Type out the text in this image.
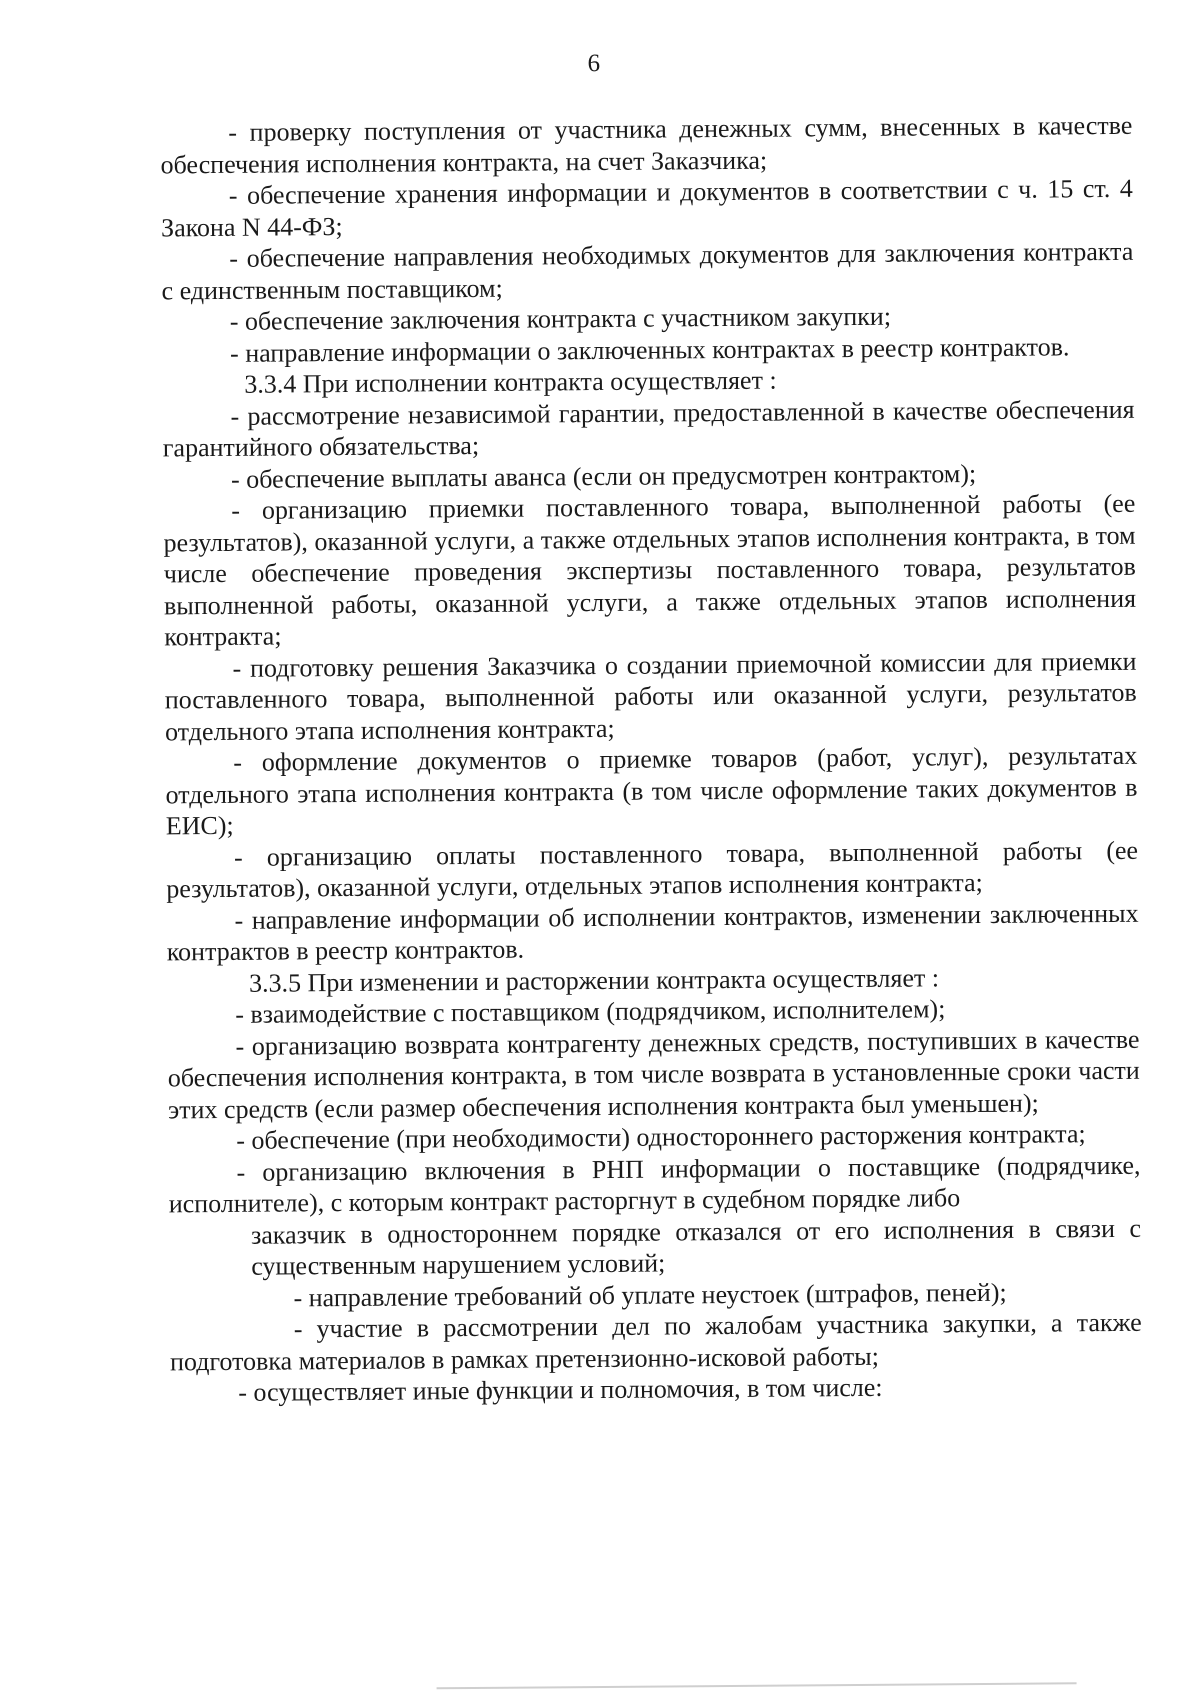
6

- проверку поступления от участника денежных сумм, внесенных в качестве обеспечения исполнения контракта, на счет Заказчика;

- обеспечение хранения информации и документов в соответствии с ч. 15 ст. 4 Закона N 44-ФЗ;

- обеспечение направления необходимых документов для заключения контракта с единственным поставщиком;

- обеспечение заключения контракта с участником закупки;

- направление информации о заключенных контрактах в реестр контрактов.

3.3.4 При исполнении контракта осуществляет :

- рассмотрение независимой гарантии, предоставленной в качестве обеспечения гарантийного обязательства;

- обеспечение выплаты аванса (если он предусмотрен контрактом);

- организацию приемки поставленного товара, выполненной работы (ее результатов), оказанной услуги, а также отдельных этапов исполнения контракта, в том числе обеспечение проведения экспертизы поставленного товара, результатов выполненной работы, оказанной услуги, а также отдельных этапов исполнения контракта;

- подготовку решения Заказчика о создании приемочной комиссии для приемки поставленного товара, выполненной работы или оказанной услуги, результатов отдельного этапа исполнения контракта;

- оформление документов о приемке товаров (работ, услуг), результатах отдельного этапа исполнения контракта (в том числе оформление таких документов в ЕИС);

- организацию оплаты поставленного товара, выполненной работы (ее результатов), оказанной услуги, отдельных этапов исполнения контракта;

- направление информации об исполнении контрактов, изменении заключенных контрактов в реестр контрактов.

3.3.5 При изменении и расторжении контракта осуществляет :

- взаимодействие с поставщиком (подрядчиком, исполнителем);

- организацию возврата контрагенту денежных средств, поступивших в качестве обеспечения исполнения контракта, в том числе возврата в установленные сроки части этих средств (если размер обеспечения исполнения контракта был уменьшен);

- обеспечение (при необходимости) одностороннего расторжения контракта;

- организацию включения в РНП информации о поставщике (подрядчике, исполнителе), с которым контракт расторгнут в судебном порядке либо

заказчик в одностороннем порядке отказался от его исполнения в связи с существенным нарушением условий;

- направление требований об уплате неустоек (штрафов, пеней);

- участие в рассмотрении дел по жалобам участника закупки, а также подготовка материалов в рамках претензионно-исковой работы;

- осуществляет иные функции и полномочия, в том числе:
